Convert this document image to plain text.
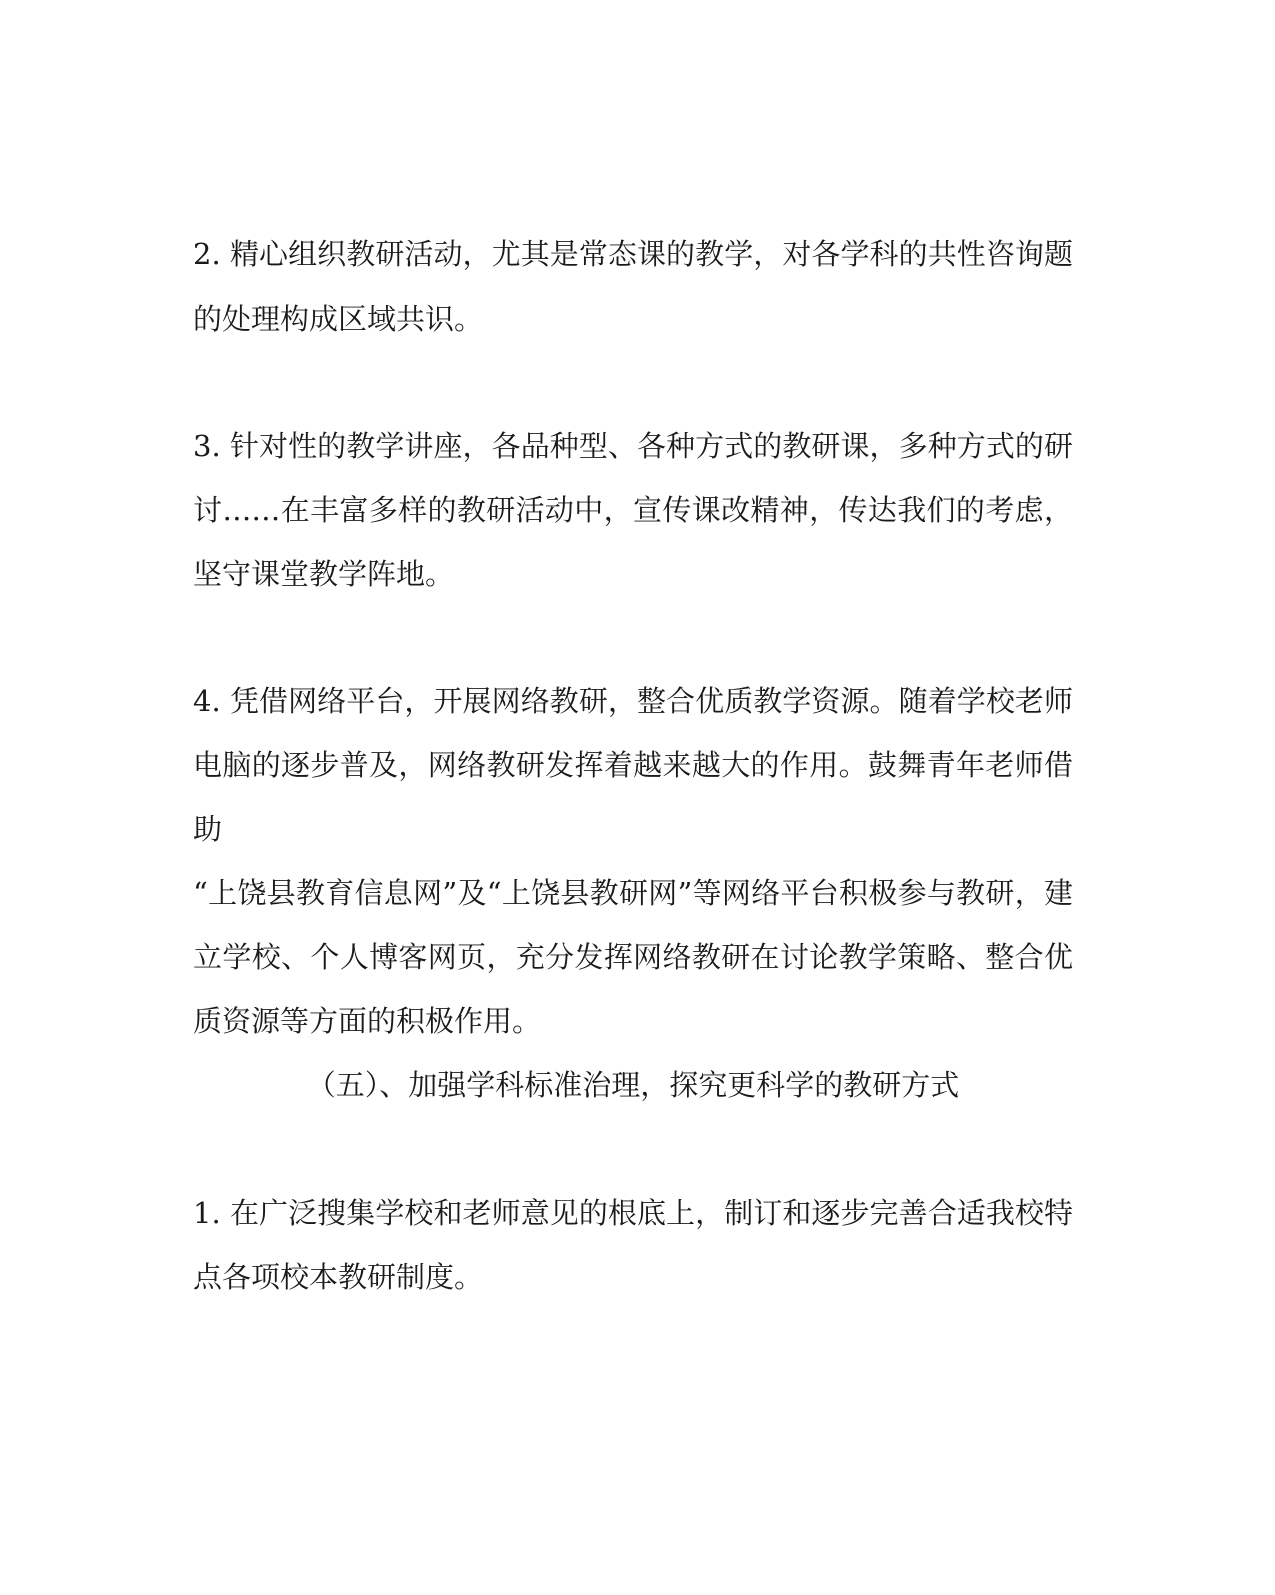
2. 精心组织教研活动，尤其是常态课的教学，对各学科的共性咨询题
的处理构成区域共识。
3. 针对性的教学讲座，各品种型、各种方式的教研课，多种方式的研
讨……在丰富多样的教研活动中，宣传课改精神，传达我们的考虑，
坚守课堂教学阵地。
4. 凭借网络平台，开展网络教研，整合优质教学资源。随着学校老师
电脑的逐步普及，网络教研发挥着越来越大的作用。鼓舞青年老师借
助
“上饶县教育信息网”及“上饶县教研网”等网络平台积极参与教研，建
立学校、个人博客网页，充分发挥网络教研在讨论教学策略、整合优
质资源等方面的积极作用。
（五）、加强学科标准治理，探究更科学的教研方式
1. 在广泛搜集学校和老师意见的根底上，制订和逐步完善合适我校特
点各项校本教研制度。
